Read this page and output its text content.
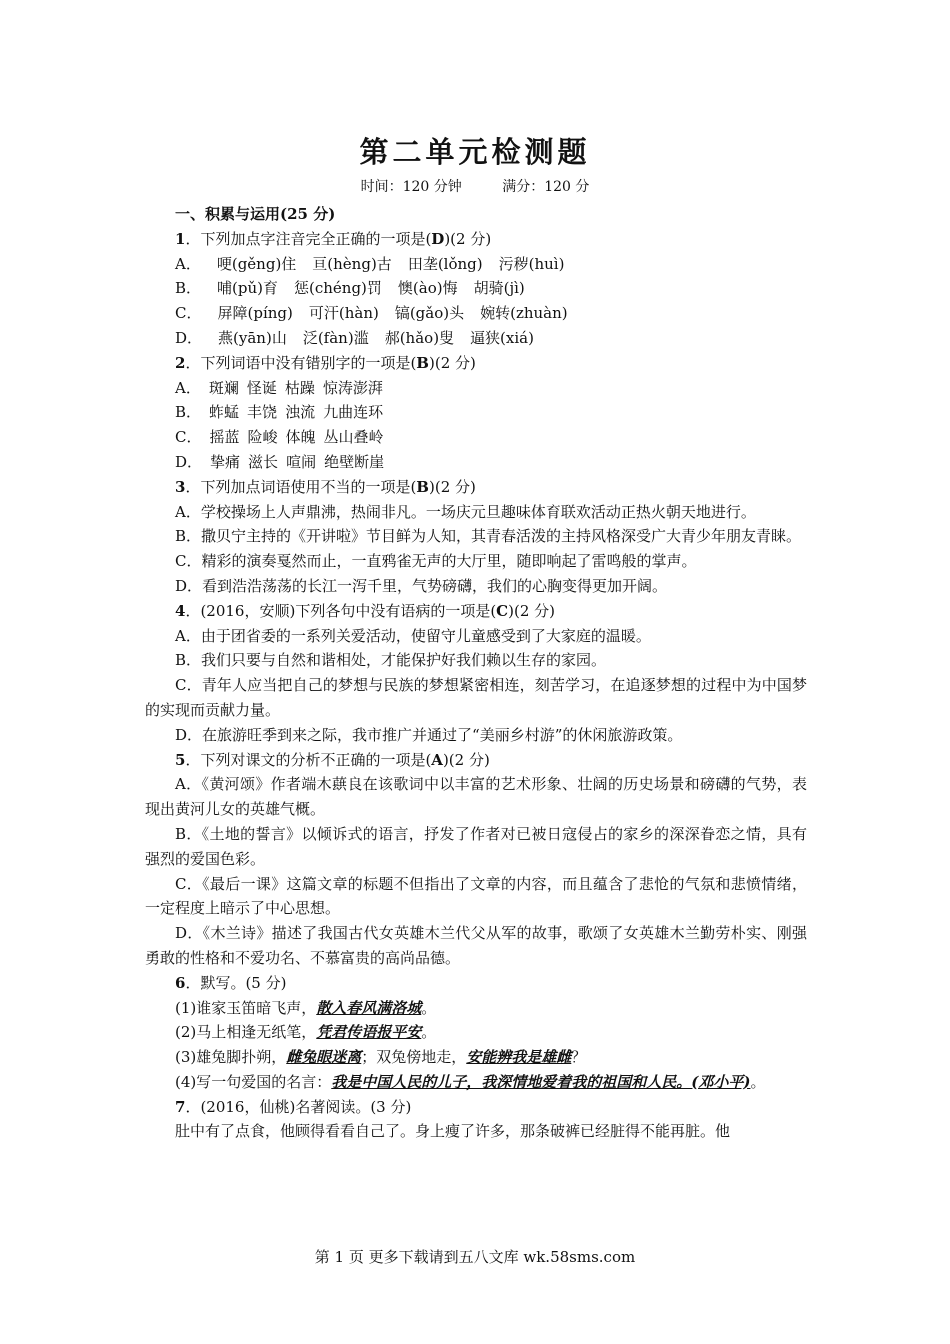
第二单元检测题
时间：120 分钟	满分：120 分
一、积累与运用(25 分)
1．下列加点字注音完全正确的一项是(D)(2 分)
A． 哽(gěng)住 亘(hèng)古 田垄(lǒng) 污秽(huì)
B． 哺(pǔ)育 惩(chéng)罚 懊(ào)悔 胡骑(jì)
C． 屏障(píng) 可汗(hàn) 镐(gǎo)头 婉转(zhuàn)
D． 燕(yān)山 泛(fàn)滥 郝(hǎo)叟 逼狭(xiá)
2．下列词语中没有错别字的一项是(B)(2 分)
A． 斑斓 怪诞 枯躁 惊涛澎湃
B． 蚱蜢 丰饶 浊流 九曲连环
C． 摇蓝 险峻 体魄 丛山叠岭
D． 挚痛 滋长 喧闹 绝壁断崖
3．下列加点词语使用不当的一项是(B)(2 分)
A．学校操场上人声鼎沸，热闹非凡。一场庆元旦趣味体育联欢活动正热火朝天地进行。
B．撒贝宁主持的《开讲啦》节目鲜为人知，其青春活泼的主持风格深受广大青少年朋友青睐。
C．精彩的演奏戛然而止，一直鸦雀无声的大厅里，随即响起了雷鸣般的掌声。
D．看到浩浩荡荡的长江一泻千里，气势磅礴，我们的心胸变得更加开阔。
4．(2016，安顺)下列各句中没有语病的一项是(C)(2 分)
A．由于团省委的一系列关爱活动，使留守儿童感受到了大家庭的温暖。
B．我们只要与自然和谐相处，才能保护好我们赖以生存的家园。
C．青年人应当把自己的梦想与民族的梦想紧密相连，刻苦学习，在追逐梦想的过程中为中国梦的实现而贡献力量。
D．在旅游旺季到来之际，我市推广并通过了“美丽乡村游”的休闲旅游政策。
5．下列对课文的分析不正确的一项是(A)(2 分)
A．《黄河颂》作者端木蕻良在该歌词中以丰富的艺术形象、壮阔的历史场景和磅礴的气势，表现出黄河儿女的英雄气概。
B．《土地的誓言》以倾诉式的语言，抒发了作者对已被日寇侵占的家乡的深深眷恋之情，具有强烈的爱国色彩。
C．《最后一课》这篇文章的标题不但指出了文章的内容，而且蕴含了悲怆的气氛和悲愤情绪，一定程度上暗示了中心思想。
D．《木兰诗》描述了我国古代女英雄木兰代父从军的故事，歌颂了女英雄木兰勤劳朴实、刚强勇敢的性格和不爱功名、不慕富贵的高尚品德。
6．默写。(5 分)
(1)谁家玉笛暗飞声，散入春风满洛城。
(2)马上相逢无纸笔，凭君传语报平安。
(3)雄兔脚扑朔，雌兔眼迷离；双兔傍地走，安能辨我是雄雌？
(4)写一句爱国的名言：我是中国人民的儿子，我深情地爱着我的祖国和人民。(邓小平)。
7．(2016，仙桃)名著阅读。(3 分)
肚中有了点食，他顾得看看自己了。身上瘦了许多，那条破裤已经脏得不能再脏。他
第 1 页 更多下载请到五八文库 wk.58sms.com
